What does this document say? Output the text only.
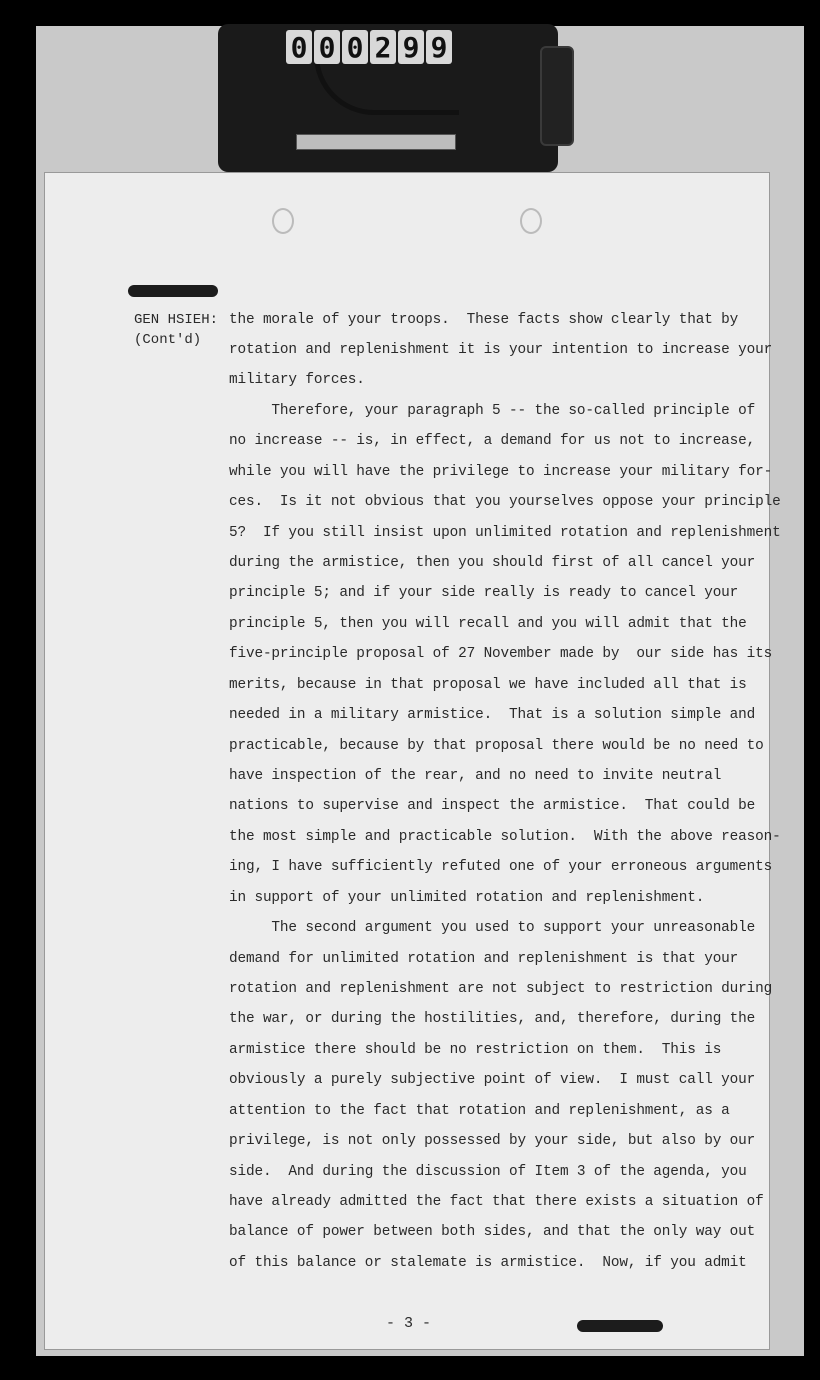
0 0 0 2 9 9
GEN HSIEH:
(Cont'd)
the morale of your troops.  These facts show clearly that by
rotation and replenishment it is your intention to increase your
military forces.
Therefore, your paragraph 5 -- the so-called principle of
no increase -- is, in effect, a demand for us not to increase,
while you will have the privilege to increase your military for-
ces.  Is it not obvious that you yourselves oppose your principle
5?  If you still insist upon unlimited rotation and replenishment
during the armistice, then you should first of all cancel your
principle 5; and if your side really is ready to cancel your
principle 5, then you will recall and you will admit that the
five-principle proposal of 27 November made by  our side has its
merits, because in that proposal we have included all that is
needed in a military armistice.  That is a solution simple and
practicable, because by that proposal there would be no need to
have inspection of the rear, and no need to invite neutral
nations to supervise and inspect the armistice.  That could be
the most simple and practicable solution.  With the above reason-
ing, I have sufficiently refuted one of your erroneous arguments
in support of your unlimited rotation and replenishment.
The second argument you used to support your unreasonable
demand for unlimited rotation and replenishment is that your
rotation and replenishment are not subject to restriction during
the war, or during the hostilities, and, therefore, during the
armistice there should be no restriction on them.  This is
obviously a purely subjective point of view.  I must call your
attention to the fact that rotation and replenishment, as a
privilege, is not only possessed by your side, but also by our
side.  And during the discussion of Item 3 of the agenda, you
have already admitted the fact that there exists a situation of
balance of power between both sides, and that the only way out
of this balance or stalemate is armistice.  Now, if you admit
- 3 -
